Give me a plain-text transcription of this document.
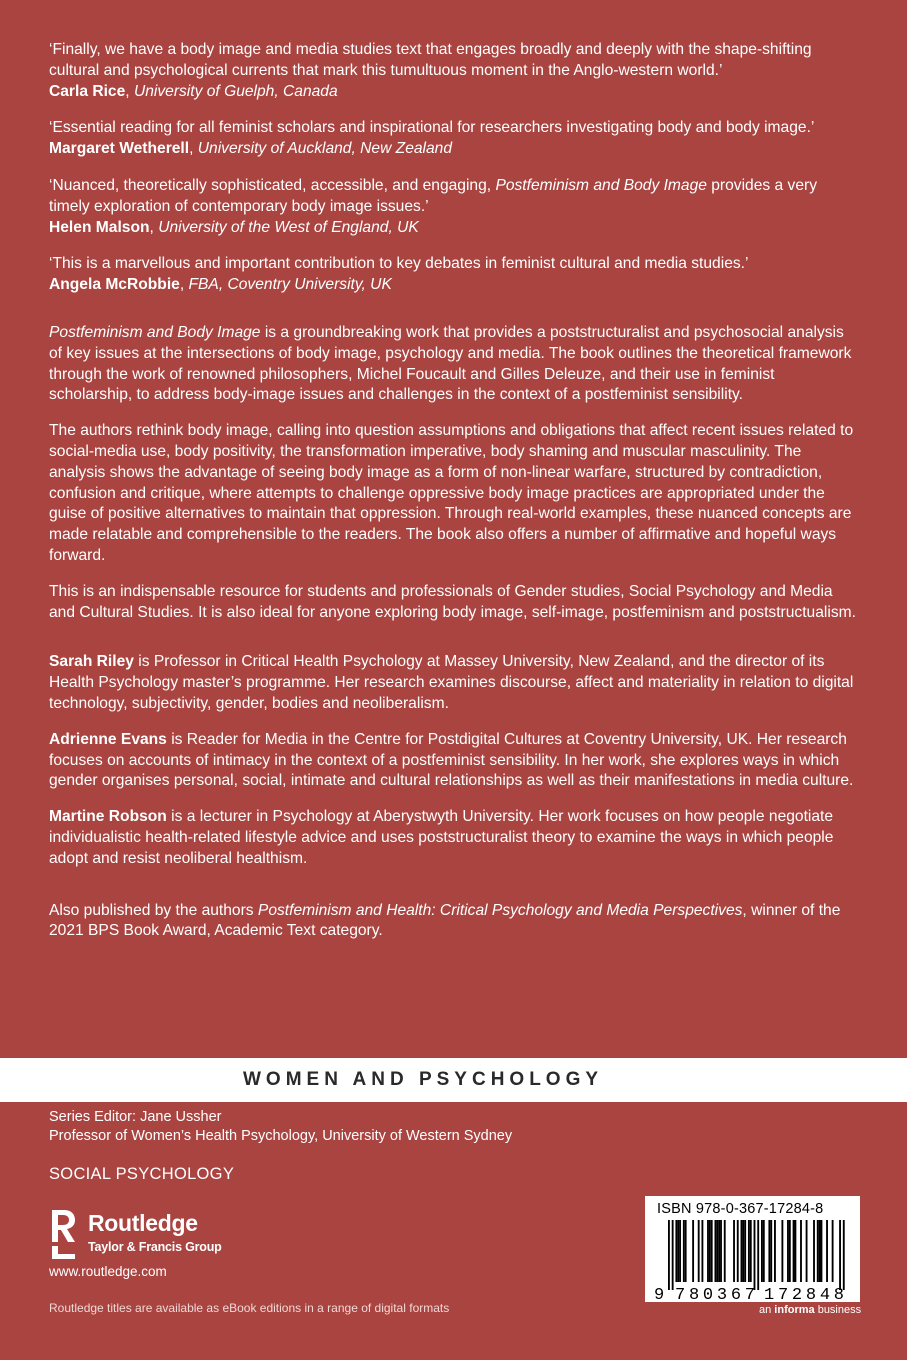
‘Finally, we have a body image and media studies text that engages broadly and deeply with the shape-shifting cultural and psychological currents that mark this tumultuous moment in the Anglo-western world.’
Carla Rice, University of Guelph, Canada

‘Essential reading for all feminist scholars and inspirational for researchers investigating body and body image.’
Margaret Wetherell, University of Auckland, New Zealand

‘Nuanced, theoretically sophisticated, accessible, and engaging, Postfeminism and Body Image provides a very timely exploration of contemporary body image issues.’
Helen Malson, University of the West of England, UK

‘This is a marvellous and important contribution to key debates in feminist cultural and media studies.’
Angela McRobbie, FBA, Coventry University, UK

Postfeminism and Body Image is a groundbreaking work that provides a poststructuralist and psychosocial analysis of key issues at the intersections of body image, psychology and media. The book outlines the theoretical framework through the work of renowned philosophers, Michel Foucault and Gilles Deleuze, and their use in feminist scholarship, to address body-image issues and challenges in the context of a postfeminist sensibility.

The authors rethink body image, calling into question assumptions and obligations that affect recent issues related to social-media use, body positivity, the transformation imperative, body shaming and muscular masculinity. The analysis shows the advantage of seeing body image as a form of non-linear warfare, structured by contradiction, confusion and critique, where attempts to challenge oppressive body image practices are appropriated under the guise of positive alternatives to maintain that oppression. Through real-world examples, these nuanced concepts are made relatable and comprehensible to the readers. The book also offers a number of affirmative and hopeful ways forward.

This is an indispensable resource for students and professionals of Gender studies, Social Psychology and Media and Cultural Studies. It is also ideal for anyone exploring body image, self-image, postfeminism and poststructualism.

Sarah Riley is Professor in Critical Health Psychology at Massey University, New Zealand, and the director of its Health Psychology master’s programme. Her research examines discourse, affect and materiality in relation to digital technology, subjectivity, gender, bodies and neoliberalism.

Adrienne Evans is Reader for Media in the Centre for Postdigital Cultures at Coventry University, UK. Her research focuses on accounts of intimacy in the context of a postfeminist sensibility. In her work, she explores ways in which gender organises personal, social, intimate and cultural relationships as well as their manifestations in media culture.

Martine Robson is a lecturer in Psychology at Aberystwyth University. Her work focuses on how people negotiate individualistic health-related lifestyle advice and uses poststructuralist theory to examine the ways in which people adopt and resist neoliberal healthism.

Also published by the authors Postfeminism and Health: Critical Psychology and Media Perspectives, winner of the 2021 BPS Book Award, Academic Text category.

WOMEN AND PSYCHOLOGY
Series Editor: Jane Ussher
Professor of Women’s Health Psychology, University of Western Sydney
SOCIAL PSYCHOLOGY
Routledge
Taylor & Francis Group
www.routledge.com
Routledge titles are available as eBook editions in a range of digital formats
ISBN 978-0-367-17284-8
9 780367 172848
an informa business
